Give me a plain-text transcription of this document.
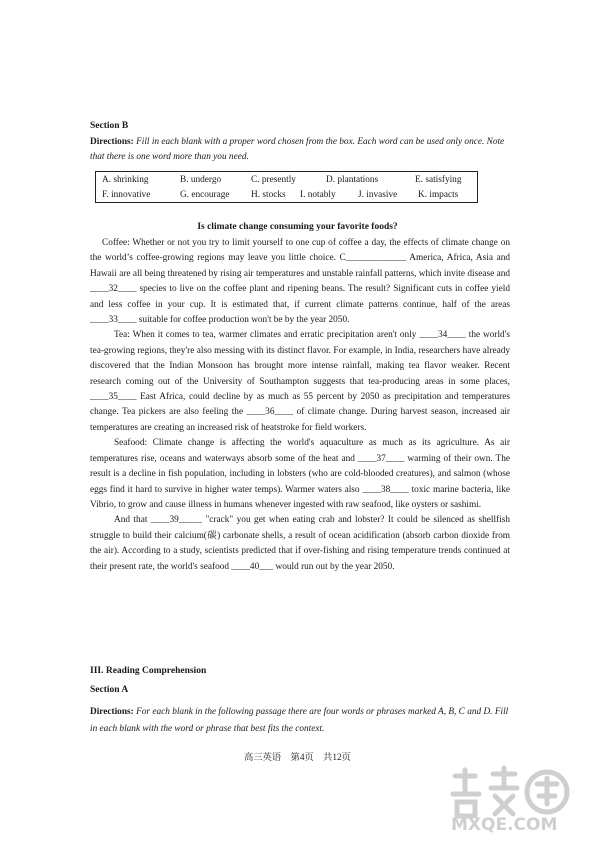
Section B

Directions: Fill in each blank with a proper word chosen from the box. Each word can be used only once. Note that there is one word more than you need.

A. shrinking	B. undergo	C. presently	D. plantations	E. satisfying
F. innovative	G. encourage H. stocks I. notably J. invasive K. impacts
Is climate change consuming your favorite foods?

Coffee: Whether or not you try to limit yourself to one cup of coffee a day, the effects of climate change on the world’s coffee-growing regions may leave you little choice. C_____________ America, Africa, Asia and Hawaii are all being threatened by rising air temperatures and unstable rainfall patterns, which invite disease and ____32____ species to live on the coffee plant and ripening beans. The result? Significant cuts in coffee yield and less coffee in your cup. It is estimated that, if current climate patterns continue, half of the areas ____33____ suitable for coffee production won't be by the year 2050.

Tea: When it comes to tea, warmer climates and erratic precipitation aren't only ____34____ the world's tea-growing regions, they're also messing with its distinct flavor. For example, in India, researchers have already discovered that the Indian Monsoon has brought more intense rainfall, making tea flavor weaker. Recent research coming out of the University of Southampton suggests that tea-producing areas in some places, ____35____ East Africa, could decline by as much as 55 percent by 2050 as precipitation and temperatures change. Tea pickers are also feeling the ____36____ of climate change. During harvest season, increased air temperatures are creating an increased risk of heatstroke for field workers.

Seafood: Climate change is affecting the world's aquaculture as much as its agriculture. As air temperatures rise, oceans and waterways absorb some of the heat and ____37____ warming of their own. The result is a decline in fish population, including in lobsters (who are cold-blooded creatures), and salmon (whose eggs find it hard to survive in higher water temps). Warmer waters also ____38____ toxic marine bacteria, like Vibrio, to grow and cause illness in humans whenever ingested with raw seafood, like oysters or sashimi.

And that ____39_____ "crack" you get when eating crab and lobster? It could be silenced as shellfish struggle to build their calcium(碳) carbonate shells, a result of ocean acidification (absorb carbon dioxide from the air). According to a study, scientists predicted that if over-fishing and rising temperature trends continued at their present rate, the world's seafood ____40___ would run out by the year 2050.

III. Reading Comprehension
Section A

Directions: For each blank in the following passage there are four words or phrases marked A, B, C and D. Fill in each blank with the word or phrase that best fits the context.

高三英语　第4页　共12页
MXQE.COM
